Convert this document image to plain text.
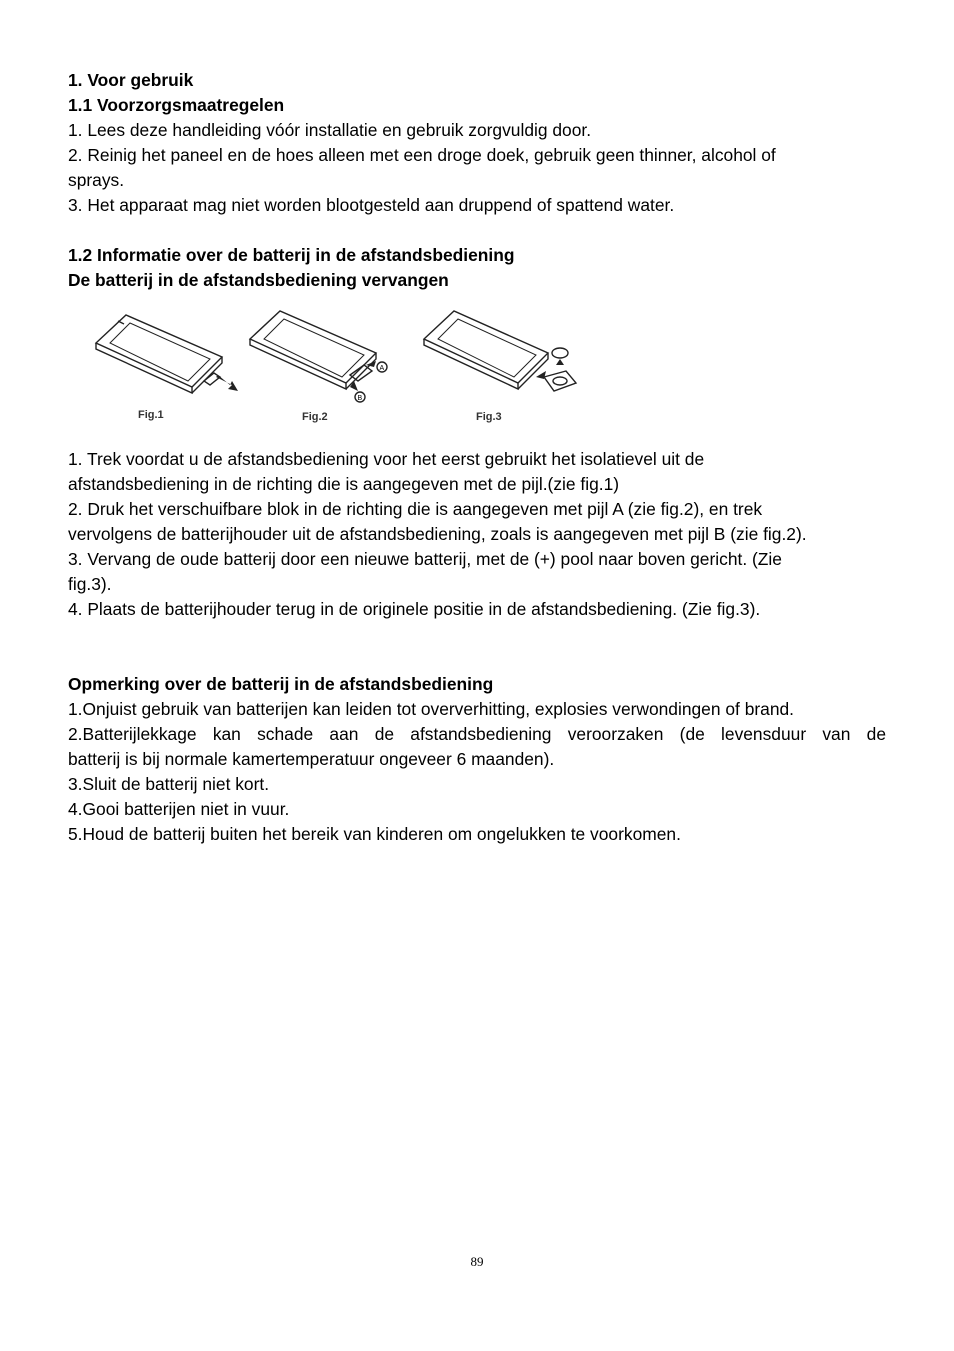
1. Voor gebruik

1.1 Voorzorgsmaatregelen

1. Lees deze handleiding vóór installatie en gebruik zorgvuldig door.

2. Reinig het paneel en de hoes alleen met een droge doek, gebruik geen thinner, alcohol of

sprays.

3. Het apparaat mag niet worden blootgesteld aan druppend of spattend water.

1.2 Informatie over de batterij in de afstandsbediening

De batterij in de afstandsbediening vervangen

Fig.1
A
B
Fig.2	Fig.3

1. Trek voordat u de afstandsbediening voor het eerst gebruikt het isolatievel uit de

afstandsbediening in de richting die is aangegeven met de pijl.(zie fig.1)

2. Druk het verschuifbare blok in de richting die is aangegeven met pijl A (zie fig.2), en trek

vervolgens de batterijhouder uit de afstandsbediening, zoals is aangegeven met pijl B (zie fig.2).

3. Vervang de oude batterij door een nieuwe batterij, met de (+) pool naar boven gericht. (Zie

fig.3).

4. Plaats de batterijhouder terug in de originele positie in de afstandsbediening. (Zie fig.3).

Opmerking over de batterij in de afstandsbediening

1.Onjuist gebruik van batterijen kan leiden tot oververhitting, explosies verwondingen of brand.

2.Batterijlekkage kan schade aan de afstandsbediening veroorzaken (de levensduur van de

batterij is bij normale kamertemperatuur ongeveer 6 maanden).

3.Sluit de batterij niet kort.

4.Gooi batterijen niet in vuur.

5.Houd de batterij buiten het bereik van kinderen om ongelukken te voorkomen.

89
